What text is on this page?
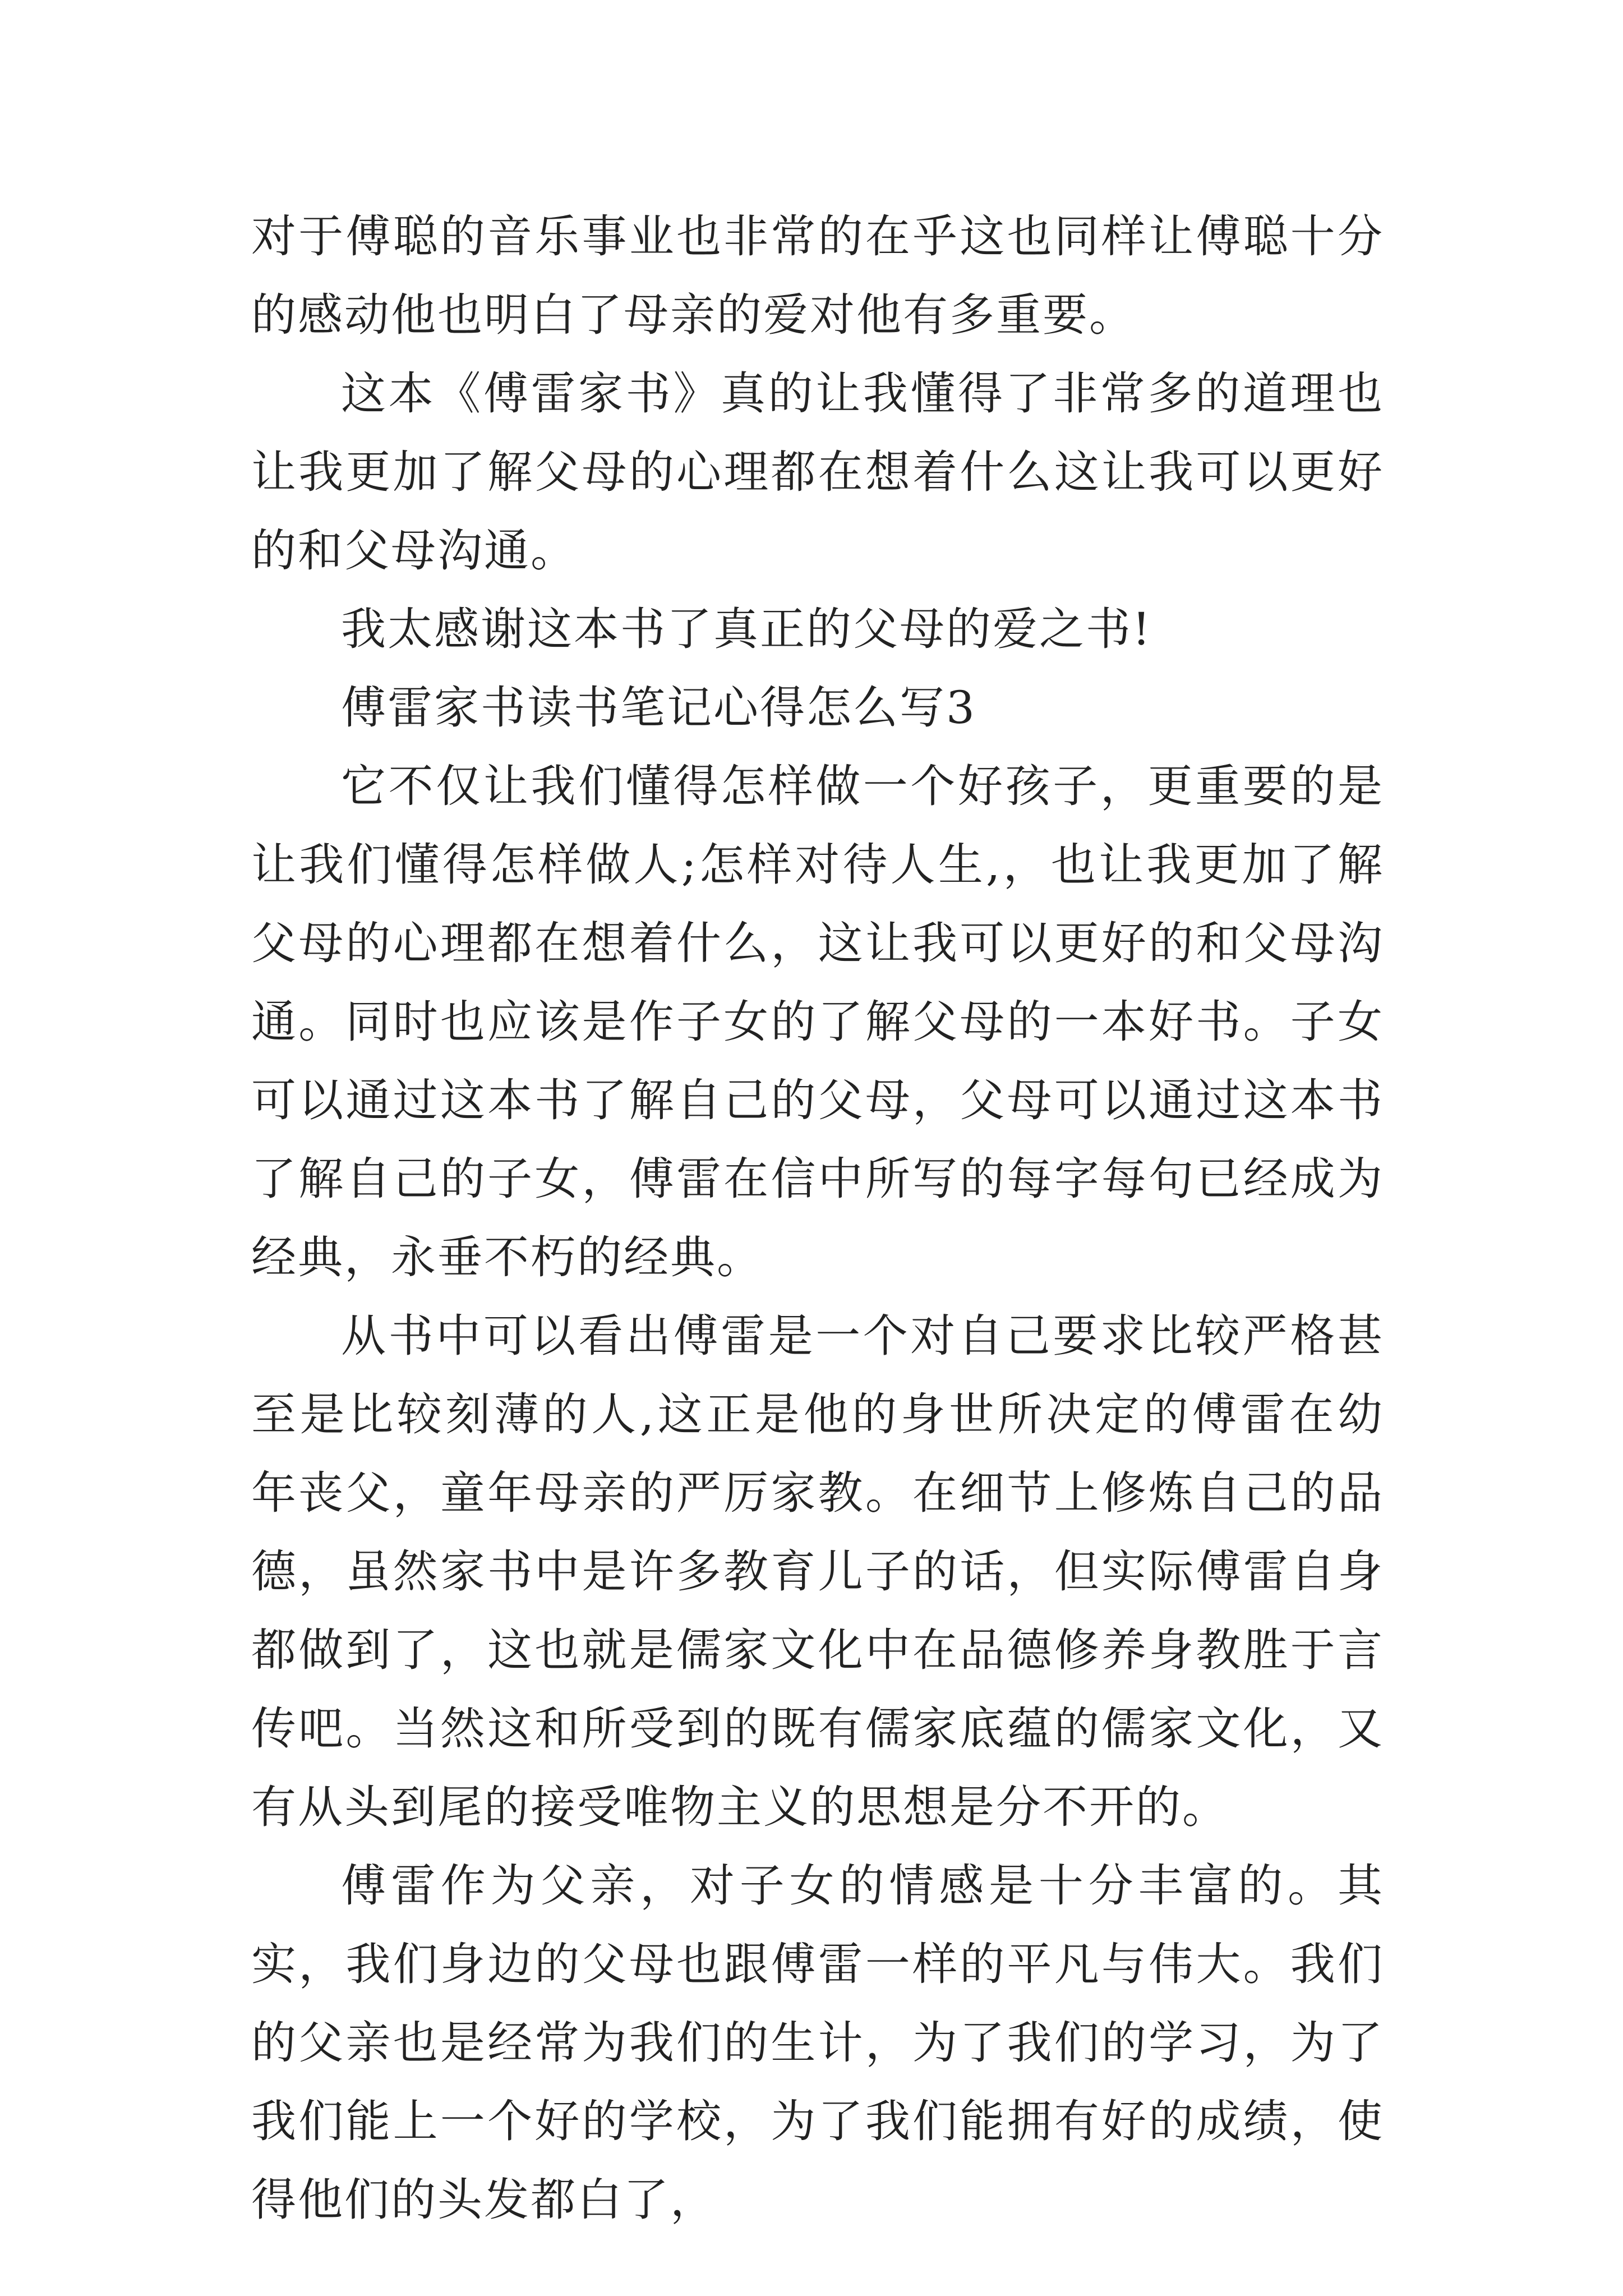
对于傅聪的音乐事业也非常的在乎这也同样让傅聪十分的感动他也明白了母亲的爱对他有多重要。

这本《傅雷家书》真的让我懂得了非常多的道理也让我更加了解父母的心理都在想着什么这让我可以更好的和父母沟通。

我太感谢这本书了真正的父母的爱之书!

傅雷家书读书笔记心得怎么写3

它不仅让我们懂得怎样做一个好孩子，更重要的是让我们懂得怎样做人;怎样对待人生,，也让我更加了解父母的心理都在想着什么，这让我可以更好的和父母沟通。同时也应该是作子女的了解父母的一本好书。子女可以通过这本书了解自己的父母，父母可以通过这本书了解自己的子女，傅雷在信中所写的每字每句已经成为经典，永垂不朽的经典。

从书中可以看出傅雷是一个对自己要求比较严格甚至是比较刻薄的人,这正是他的身世所决定的傅雷在幼年丧父，童年母亲的严厉家教。在细节上修炼自己的品德，虽然家书中是许多教育儿子的话，但实际傅雷自身都做到了，这也就是儒家文化中在品德修养身教胜于言传吧。当然这和所受到的既有儒家底蕴的儒家文化，又有从头到尾的接受唯物主义的思想是分不开的。

傅雷作为父亲，对子女的情感是十分丰富的。其实，我们身边的父母也跟傅雷一样的平凡与伟大。我们的父亲也是经常为我们的生计，为了我们的学习，为了我们能上一个好的学校，为了我们能拥有好的成绩，使得他们的头发都白了，
